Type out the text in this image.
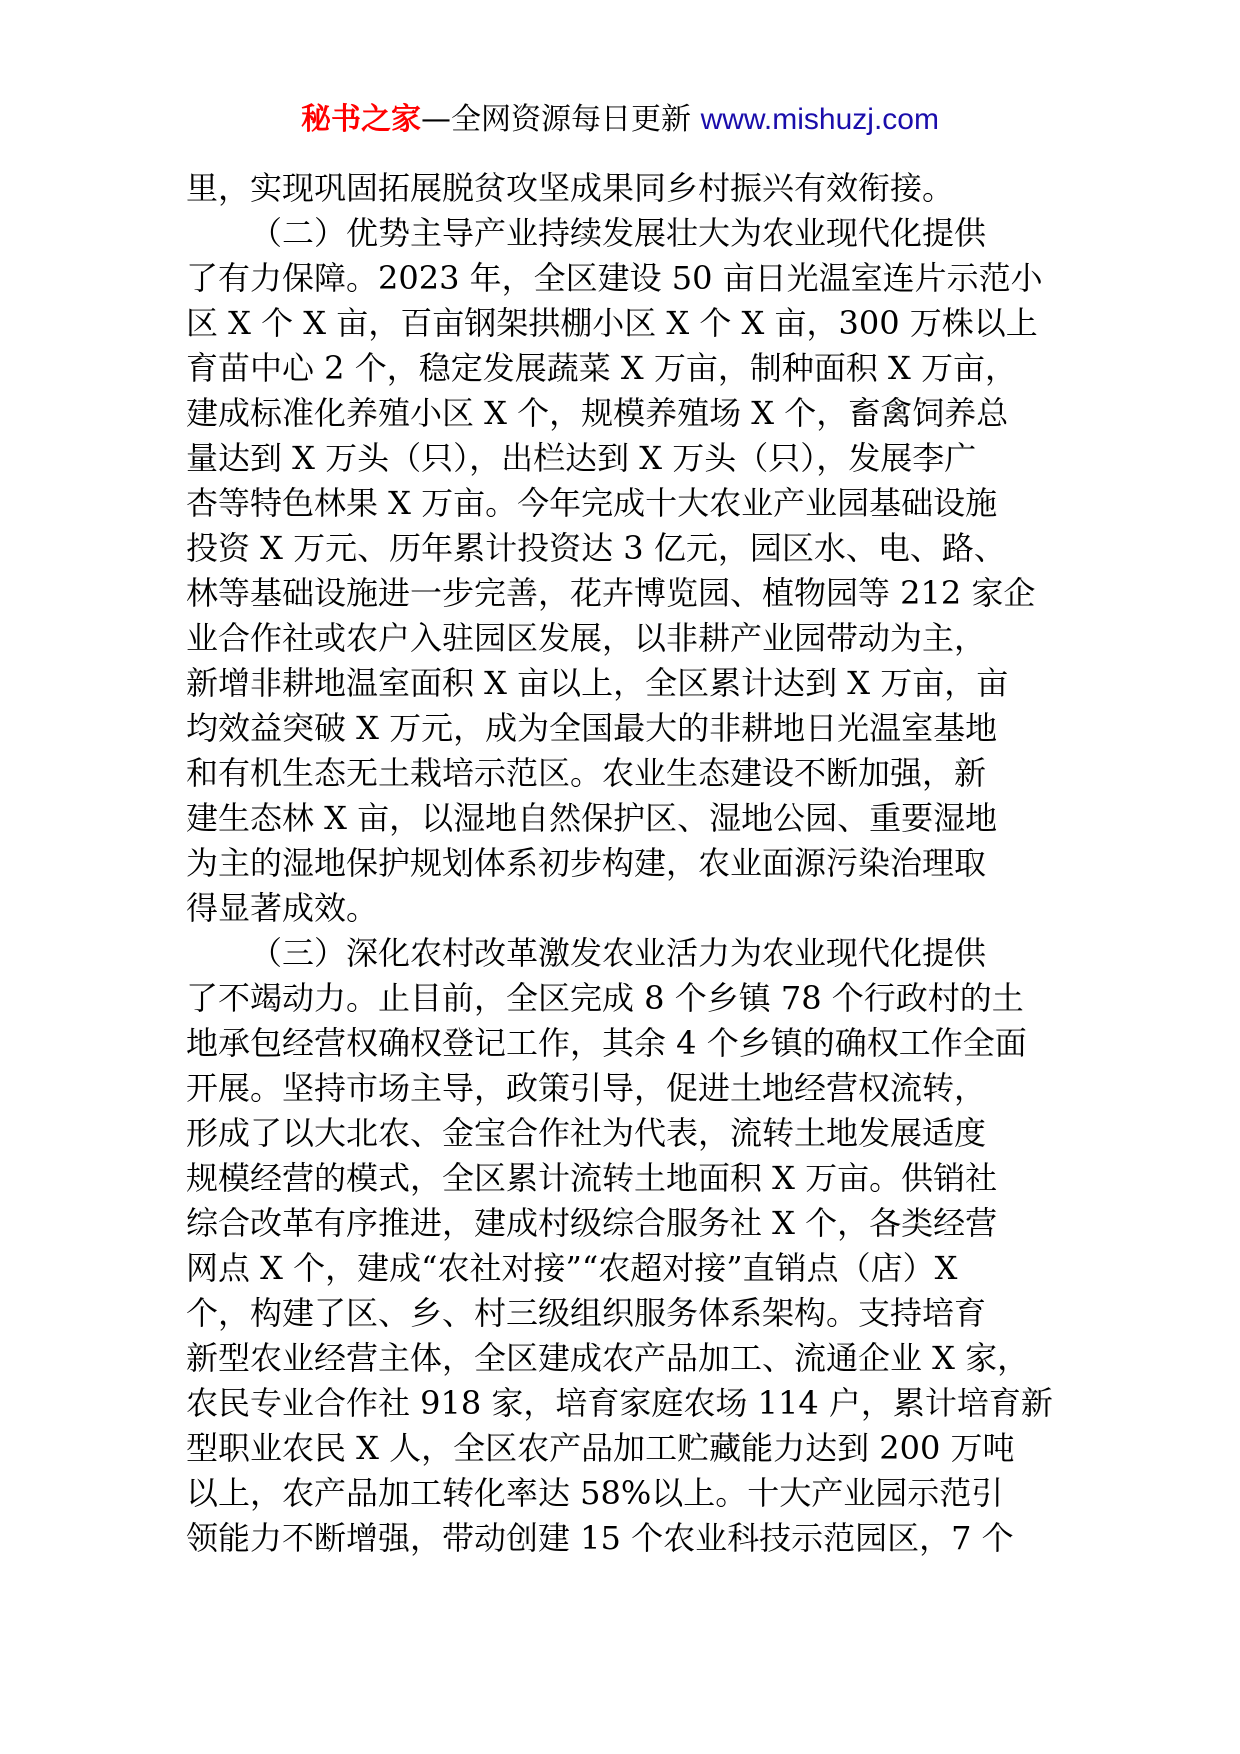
秘书之家—全网资源每日更新 www.mishuzj.com
里，实现巩固拓展脱贫攻坚成果同乡村振兴有效衔接。
（二）优势主导产业持续发展壮大为农业现代化提供
了有力保障。2023 年，全区建设 50 亩日光温室连片示范小
区 X 个 X 亩，百亩钢架拱棚小区 X 个 X 亩，300 万株以上
育苗中心 2 个，稳定发展蔬菜 X 万亩，制种面积 X 万亩，
建成标准化养殖小区 X 个，规模养殖场 X 个，畜禽饲养总
量达到 X 万头（只），出栏达到 X 万头（只），发展李广
杏等特色林果 X 万亩。今年完成十大农业产业园基础设施
投资 X 万元、历年累计投资达 3 亿元，园区水、电、路、
林等基础设施进一步完善，花卉博览园、植物园等 212 家企
业合作社或农户入驻园区发展，以非耕产业园带动为主，
新增非耕地温室面积 X 亩以上，全区累计达到 X 万亩，亩
均效益突破 X 万元，成为全国最大的非耕地日光温室基地
和有机生态无土栽培示范区。农业生态建设不断加强，新
建生态林 X 亩，以湿地自然保护区、湿地公园、重要湿地
为主的湿地保护规划体系初步构建，农业面源污染治理取
得显著成效。
（三）深化农村改革激发农业活力为农业现代化提供
了不竭动力。止目前，全区完成 8 个乡镇 78 个行政村的土
地承包经营权确权登记工作，其余 4 个乡镇的确权工作全面
开展。坚持市场主导，政策引导，促进土地经营权流转，
形成了以大北农、金宝合作社为代表，流转土地发展适度
规模经营的模式，全区累计流转土地面积 X 万亩。供销社
综合改革有序推进，建成村级综合服务社 X 个，各类经营
网点 X 个，建成“农社对接”“农超对接”直销点（店）X
个，构建了区、乡、村三级组织服务体系架构。支持培育
新型农业经营主体，全区建成农产品加工、流通企业 X 家，
农民专业合作社 918 家，培育家庭农场 114 户，累计培育新
型职业农民 X 人，全区农产品加工贮藏能力达到 200 万吨
以上，农产品加工转化率达 58%以上。十大产业园示范引
领能力不断增强，带动创建 15 个农业科技示范园区，7 个
